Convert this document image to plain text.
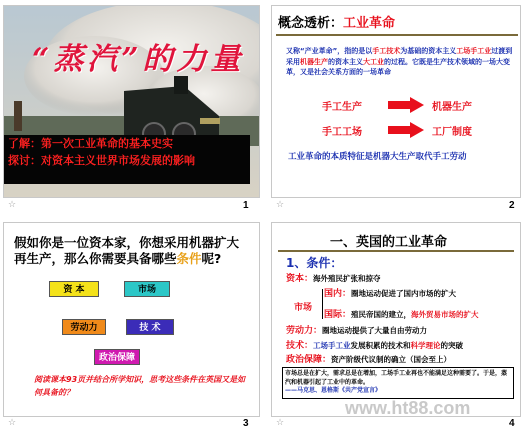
“蒸汽”的力量
了解：第一次工业革命的基本史实
探讨：对资本主义世界市场发展的影响
☆	1
概念透析：工业革命
又称“产业革命”，指的是以手工技术为基础的资本主义工场手工业过渡到采用机器生产的资本主义大工业的过程。它既是生产技术领域的一场大变革，又是社会关系方面的一场革命
手工生产	机器生产
手工工场	工厂制度
工业革命的本质特征是机器大生产取代手工劳动
☆	2
假如你是一位资本家，你想采用机器扩大再生产，那么你需要具备哪些条件呢?
资 本	市场
劳动力	技 术
政治保障
阅读课本93页并结合所学知识，思考这些条件在英国又是如何具备的？
☆	3
一、英国的工业革命
1、条件：
资本：海外殖民扩张和掠夺
市场
国内：圈地运动促进了国内市场的扩大
国际：殖民帝国的建立，海外贸易市场的扩大
劳动力：圈地运动提供了大量自由劳动力
技术：工场手工业发展积累的技术和科学理论的突破
政治保障：资产阶级代议制的确立（国会至上）
市场总是在扩大，需求总是在增加，工场手工业再也不能满足这种需要了。于是，蒸汽和机器引起了工业中的革命。
——马克思、恩格斯《共产党宣言》
☆	4
www.ht88.com
